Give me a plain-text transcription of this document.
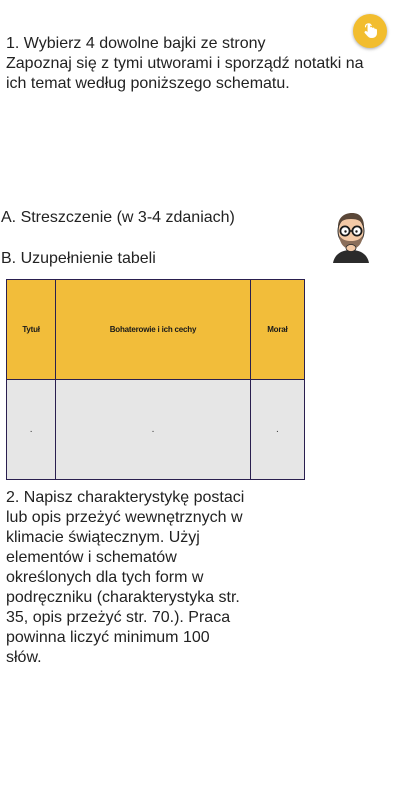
1. Wybierz 4 dowolne bajki ze strony
Zapoznaj się z tymi utworami i sporządź notatki na
ich temat według poniższego schematu.
A. Streszczenie (w 3-4 zdaniach)
B. Uzupełnienie tabeli
Tytuł	Bohaterowie i ich cechy	Morał
.	.	.
2. Napisz charakterystykę postaci
lub opis przeżyć wewnętrznych w
klimacie świątecznym. Użyj
elementów i schematów
określonych dla tych form w
podręczniku (charakterystyka str.
35, opis przeżyć str. 70.). Praca
powinna liczyć minimum 100
słów.
